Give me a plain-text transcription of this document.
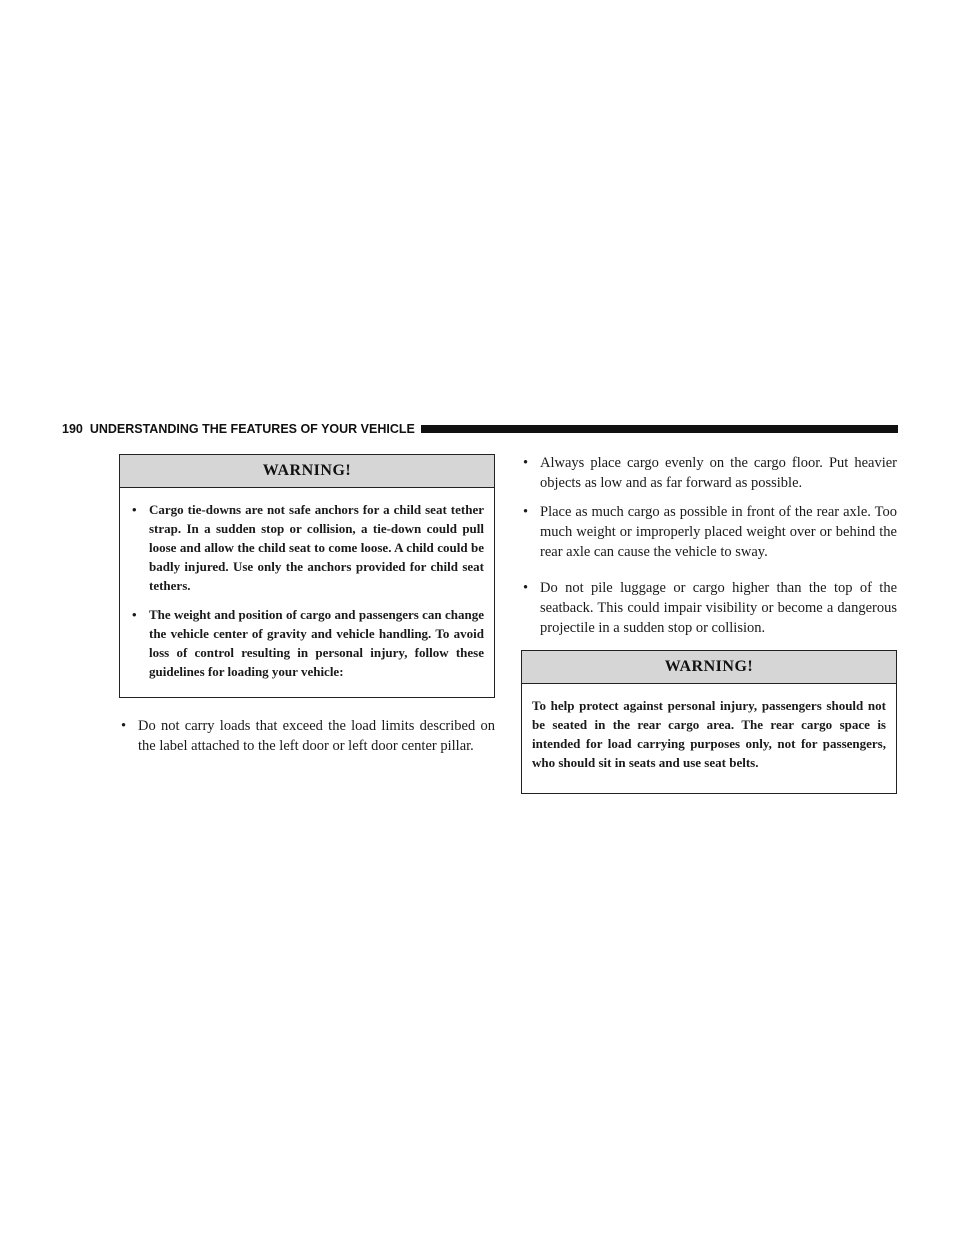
190 UNDERSTANDING THE FEATURES OF YOUR VEHICLE
WARNING!
• Cargo tie-downs are not safe anchors for a child seat tether strap. In a sudden stop or collision, a tie-down could pull loose and allow the child seat to come loose. A child could be badly injured. Use only the anchors provided for child seat tethers.
• The weight and position of cargo and passengers can change the vehicle center of gravity and vehicle handling. To avoid loss of control resulting in personal injury, follow these guidelines for loading your vehicle:
• Do not carry loads that exceed the load limits described on the label attached to the left door or left door center pillar.
• Always place cargo evenly on the cargo floor. Put heavier objects as low and as far forward as possible.
• Place as much cargo as possible in front of the rear axle. Too much weight or improperly placed weight over or behind the rear axle can cause the vehicle to sway.
• Do not pile luggage or cargo higher than the top of the seatback. This could impair visibility or become a dangerous projectile in a sudden stop or collision.
WARNING!
To help protect against personal injury, passengers should not be seated in the rear cargo area. The rear cargo space is intended for load carrying purposes only, not for passengers, who should sit in seats and use seat belts.
